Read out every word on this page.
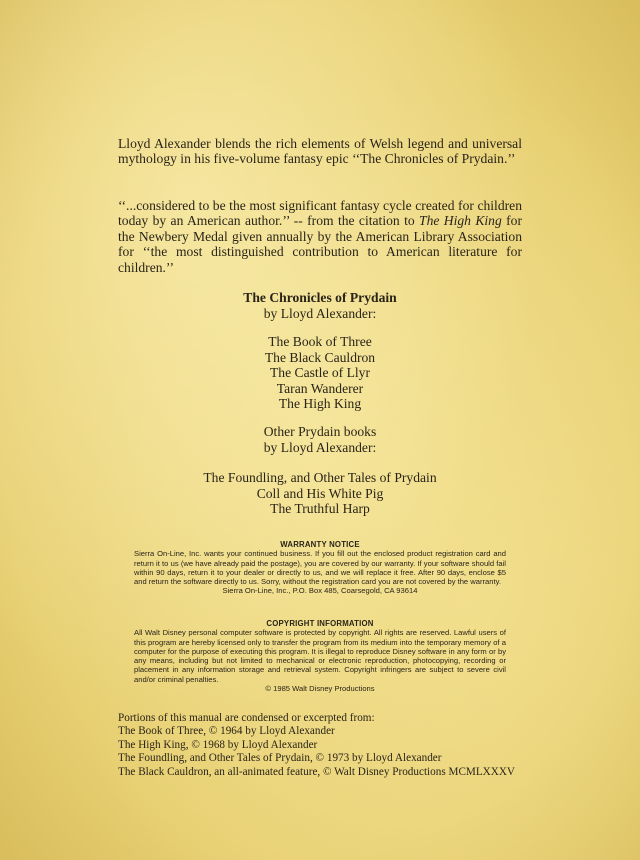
Lloyd Alexander blends the rich elements of Welsh legend and universal mythology in his five-volume fantasy epic ‘‘The Chronicles of Prydain.’’

‘‘...considered to be the most significant fantasy cycle created for children today by an American author.’’ -- from the citation to The High King for the Newbery Medal given annually by the American Library Association for ‘‘the most distinguished contribution to American literature for children.’’

The Chronicles of Prydain
by Lloyd Alexander:
The Book of Three
The Black Cauldron
The Castle of Llyr
Taran Wanderer
The High King
Other Prydain books
by Lloyd Alexander:
The Foundling, and Other Tales of Prydain
Coll and His White Pig
The Truthful Harp
WARRANTY NOTICE
Sierra On-Line, Inc. wants your continued business. If you fill out the enclosed product registration card and return it to us (we have already paid the postage), you are covered by our warranty. If your software should fail within 90 days, return it to your dealer or directly to us, and we will replace it free. After 90 days, enclose $5 and return the software directly to us. Sorry, without the registration card you are not covered by the warranty.
Sierra On-Line, Inc., P.O. Box 485, Coarsegold, CA 93614
COPYRIGHT INFORMATION
All Walt Disney personal computer software is protected by copyright. All rights are reserved. Lawful users of this program are hereby licensed only to transfer the program from its medium into the temporary memory of a computer for the purpose of executing this program. It is illegal to reproduce Disney software in any form or by any means, including but not limited to mechanical or electronic reproduction, photocopying, recording or placement in any information storage and retrieval system. Copyright infringers are subject to severe civil and/or criminal penalties.
© 1985 Walt Disney Productions
Portions of this manual are condensed or excerpted from:
The Book of Three, © 1964 by Lloyd Alexander
The High King, © 1968 by Lloyd Alexander
The Foundling, and Other Tales of Prydain, © 1973 by Lloyd Alexander
The Black Cauldron, an all-animated feature, © Walt Disney Productions MCMLXXXV
